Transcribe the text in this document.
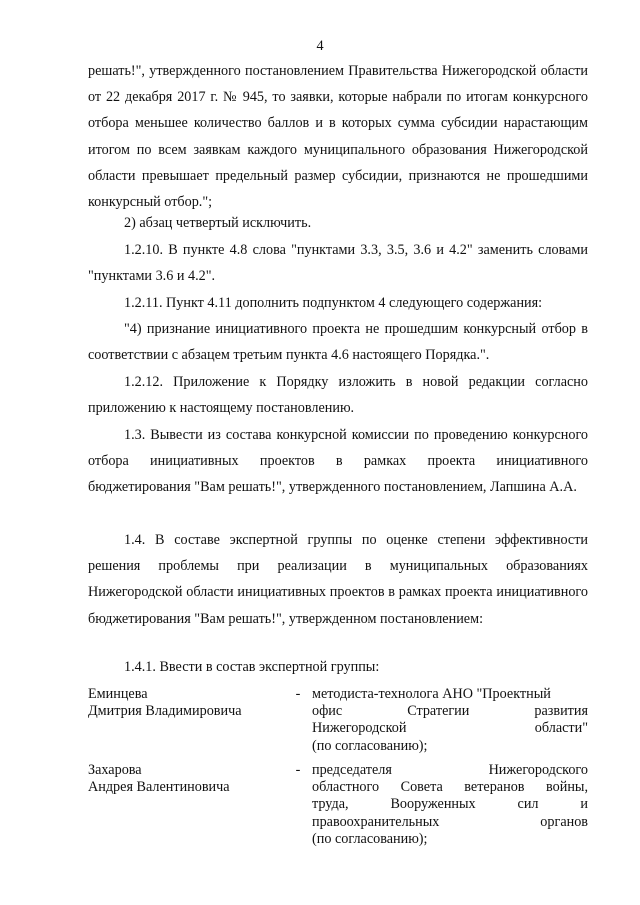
4

решать!", утвержденного постановлением Правительства Нижегородской области от 22 декабря 2017 г. № 945, то заявки, которые набрали по итогам конкурсного отбора меньшее количество баллов и в которых сумма субсидии нарастающим итогом по всем заявкам каждого муниципального образования Нижегородской области превышает предельный размер субсидии, признаются не прошедшими конкурсный отбор.";

2) абзац четвертый исключить.

1.2.10. В пункте 4.8 слова "пунктами 3.3, 3.5, 3.6 и 4.2" заменить словами "пунктами 3.6 и 4.2".

1.2.11. Пункт 4.11 дополнить подпунктом 4 следующего содержания:

"4) признание инициативного проекта не прошедшим конкурсный отбор в соответствии с абзацем третьим пункта 4.6 настоящего Порядка.".

1.2.12. Приложение к Порядку изложить в новой редакции согласно приложению к настоящему постановлению.

1.3. Вывести из состава конкурсной комиссии по проведению конкурсного отбора инициативных проектов в рамках проекта инициативного бюджетирования "Вам решать!", утвержденного постановлением, Лапшина А.А.

1.4. В составе экспертной группы по оценке степени эффективности решения проблемы при реализации в муниципальных образованиях Нижегородской области инициативных проектов в рамках проекта инициативного бюджетирования "Вам решать!", утвержденном постановлением:

1.4.1. Ввести в состав экспертной группы:

Еминцева
Дмитрия Владимировича
- методиста-технолога АНО "Проектный
офис Стратегии развития
Нижегородской области"
(по согласованию);
Захарова
Андрея Валентиновича
- председателя Нижегородского
областного Совета ветеранов войны,
труда, Вооруженных сил и
правоохранительных органов
(по согласованию);
